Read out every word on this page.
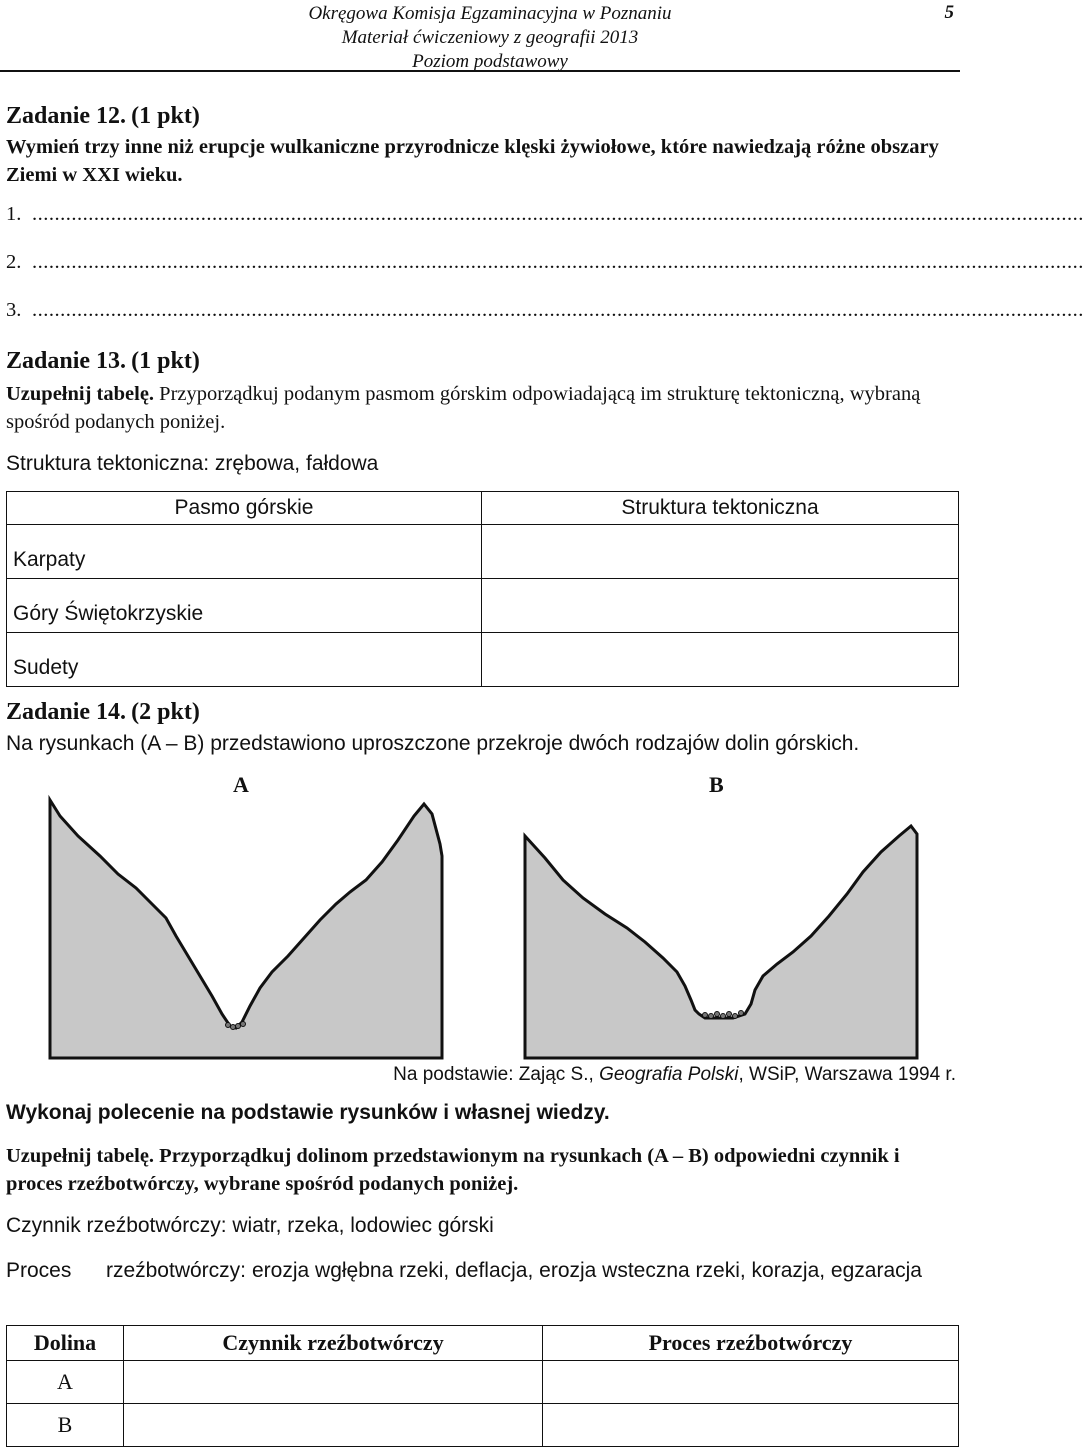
Okręgowa Komisja Egzaminacyjna w Poznaniu
Materiał ćwiczeniowy z geografii 2013
Poziom podstawowy
5
Zadanie 12. (1 pkt)
Wymień trzy inne niż erupcje wulkaniczne przyrodnicze klęski żywiołowe, które nawiedzają różne obszary Ziemi w XXI wieku.
1. ...........................................................................................................................................................................................
2. ...........................................................................................................................................................................................
3. ...........................................................................................................................................................................................
Zadanie 13. (1 pkt)
Uzupełnij tabelę. Przyporządkuj podanym pasmom górskim odpowiadającą im strukturę tektoniczną, wybraną spośród podanych poniżej.
Struktura tektoniczna: zrębowa, fałdowa
Pasmo górskie	Struktura tektoniczna
Karpaty	
Góry Świętokrzyskie	
Sudety	
Zadanie 14. (2 pkt)
Na rysunkach (A – B) przedstawiono uproszczone przekroje dwóch rodzajów dolin górskich.
A	B
Na podstawie: Zając S., Geografia Polski, WSiP, Warszawa 1994 r.
Wykonaj polecenie na podstawie rysunków i własnej wiedzy.
Uzupełnij tabelę. Przyporządkuj dolinom przedstawionym na rysunkach (A – B) odpowiedni czynnik i proces rzeźbotwórczy, wybrane spośród podanych poniżej.
Czynnik rzeźbotwórczy: wiatr, rzeka, lodowiec górski
Proces rzeźbotwórczy: erozja wgłębna rzeki, deflacja, erozja wsteczna rzeki, korazja, egzaracja
Dolina	Czynnik rzeźbotwórczy	Proces rzeźbotwórczy
A		
B		
